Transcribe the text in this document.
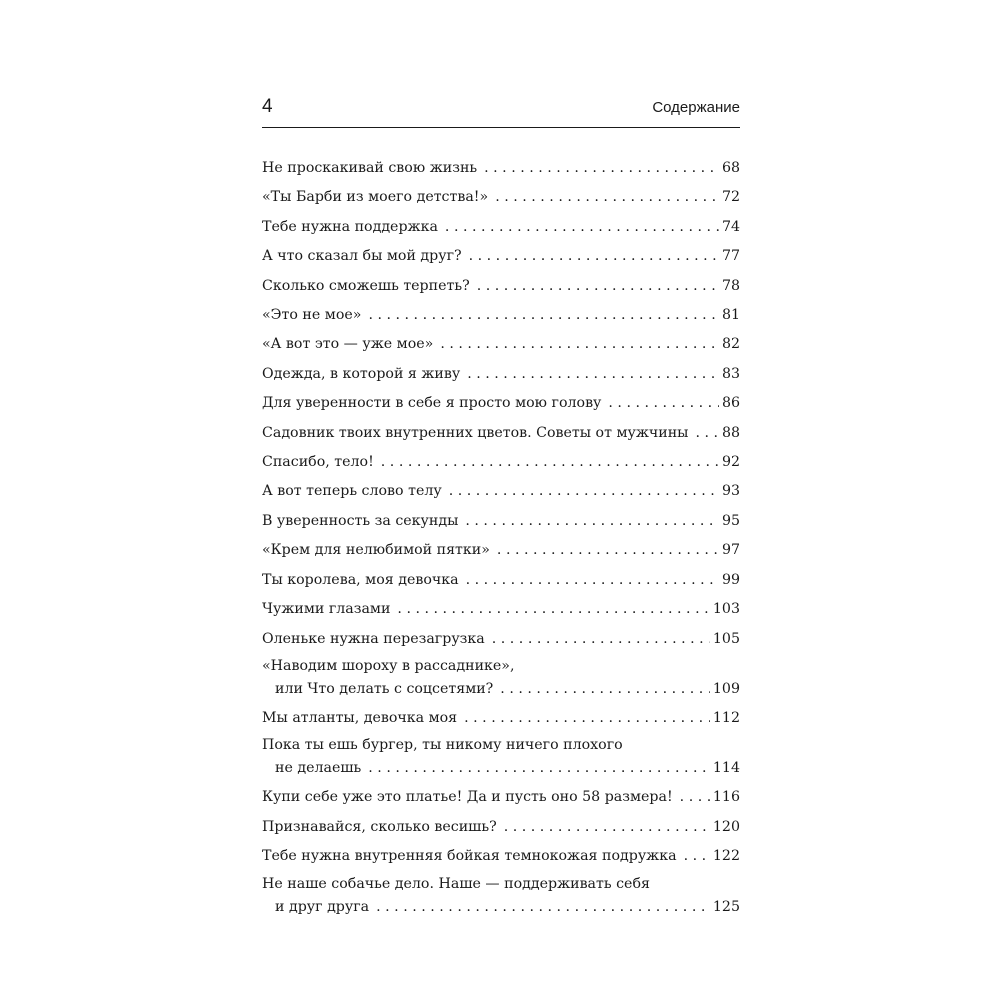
4	Содержание
Не проскакивай свою жизнь . . .	68
«Ты Барби из моего детства!» . . .	72
Тебе нужна поддержка . . .	74
А что сказал бы мой друг? . . .	77
Сколько сможешь терпеть? . . .	78
«Это не мое» . . .	81
«А вот это — уже мое» . . .	82
Одежда, в которой я живу . . .	83
Для уверенности в себе я просто мою голову . . .	86
Садовник твоих внутренних цветов. Советы от мужчины . . . 88
Спасибо, тело! . . .	92
А вот теперь слово телу . . .	93
В уверенность за секунды . . .	95
«Крем для нелюбимой пятки» . . .	97
Ты королева, моя девочка . . .	99
Чужими глазами . . .	103
Оленьке нужна перезагрузка . . .	105
«Наводим шороху в рассаднике»,
или Что делать с соцсетями? . . .	109
Мы атланты, девочка моя . . .	112
Пока ты ешь бургер, ты никому ничего плохого
не делаешь . . .	114
Купи себе уже это платье! Да и пусть оно 58 размера! . . .	116
Признавайся, сколько весишь? . . .	120
Тебе нужна внутренняя бойкая темнокожая подружка . . .	122
Не наше собачье дело. Наше — поддерживать себя
и друг друга . . .	125
